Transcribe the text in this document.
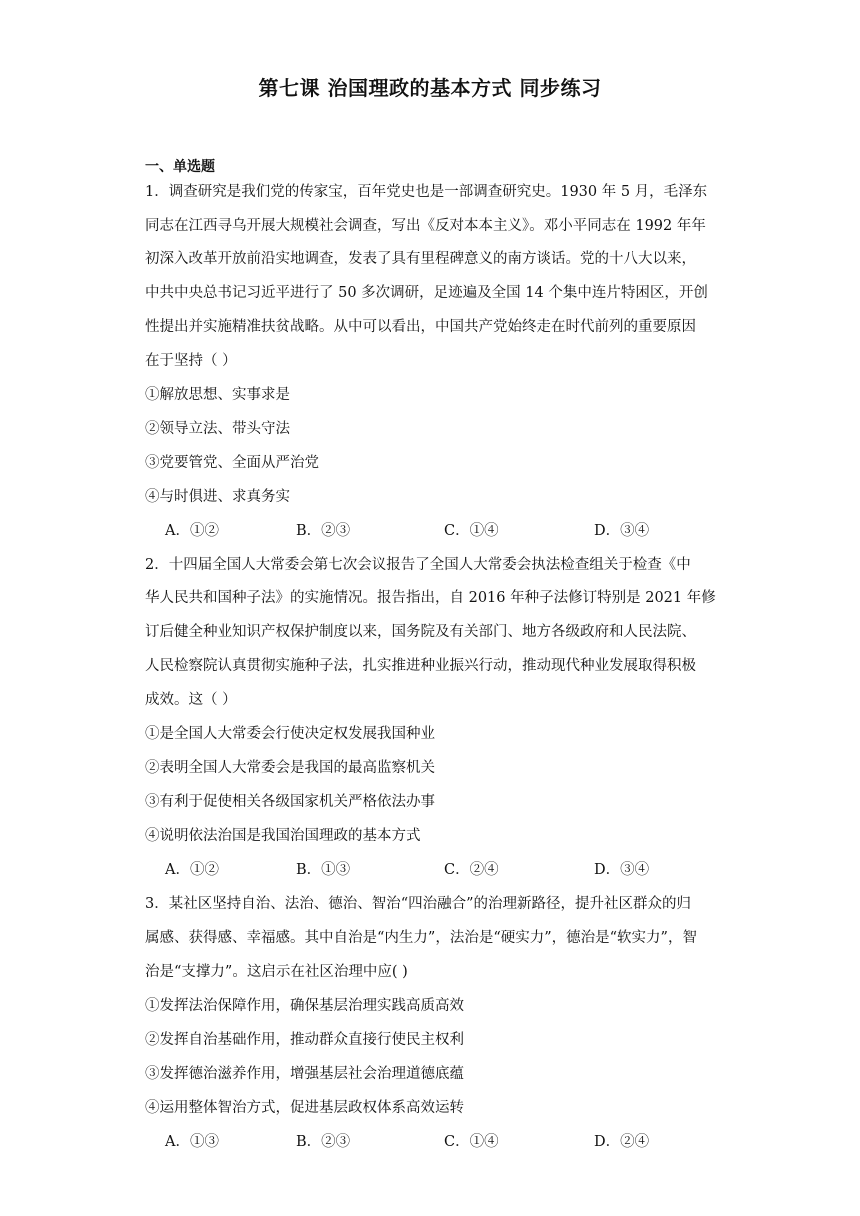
第七课 治国理政的基本方式 同步练习
一、单选题
1．调查研究是我们党的传家宝，百年党史也是一部调查研究史。1930 年 5 月，毛泽东
同志在江西寻乌开展大规模社会调查，写出《反对本本主义》。邓小平同志在 1992 年年
初深入改革开放前沿实地调查，发表了具有里程碑意义的南方谈话。党的十八大以来，
中共中央总书记习近平进行了 50 多次调研，足迹遍及全国 14 个集中连片特困区，开创
性提出并实施精准扶贫战略。从中可以看出，中国共产党始终走在时代前列的重要原因
在于坚持（ ）
①解放思想、实事求是
②领导立法、带头守法
③党要管党、全面从严治党
④与时俱进、求真务实
A．①②	B．②③	C．①④	D．③④
2．十四届全国人大常委会第七次会议报告了全国人大常委会执法检查组关于检查《中
华人民共和国种子法》的实施情况。报告指出，自 2016 年种子法修订特别是 2021 年修
订后健全种业知识产权保护制度以来，国务院及有关部门、地方各级政府和人民法院、
人民检察院认真贯彻实施种子法，扎实推进种业振兴行动，推动现代种业发展取得积极
成效。这（ ）
①是全国人大常委会行使决定权发展我国种业
②表明全国人大常委会是我国的最高监察机关
③有利于促使相关各级国家机关严格依法办事
④说明依法治国是我国治国理政的基本方式
A．①②	B．①③	C．②④	D．③④
3．某社区坚持自治、法治、德治、智治“四治融合”的治理新路径，提升社区群众的归
属感、获得感、幸福感。其中自治是“内生力”，法治是“硬实力”，德治是“软实力”，智
治是“支撑力”。这启示在社区治理中应( )
①发挥法治保障作用，确保基层治理实践高质高效
②发挥自治基础作用，推动群众直接行使民主权利
③发挥德治滋养作用，增强基层社会治理道德底蕴
④运用整体智治方式，促进基层政权体系高效运转
A．①③	B．②③	C．①④	D．②④
